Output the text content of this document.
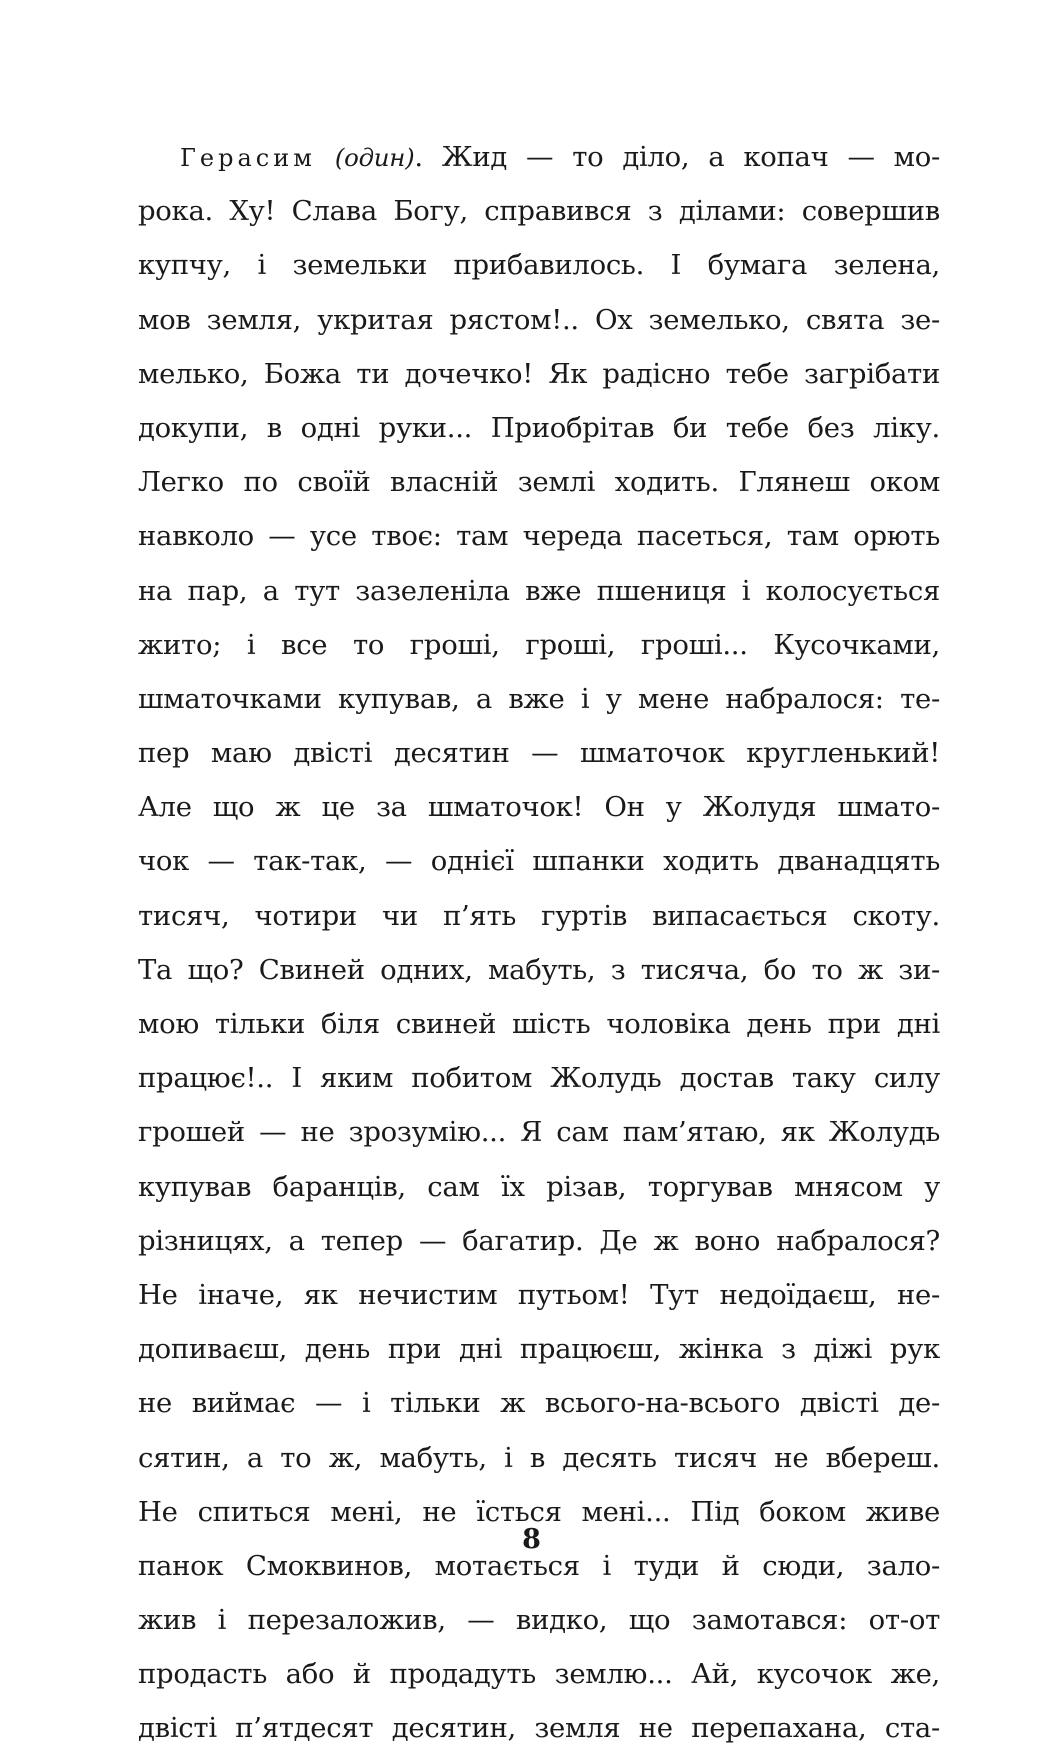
Герасим (один). Жид — то діло, а копач — мо-
рока. Ху! Слава Богу, справився з ділами: совершив
купчу, і земельки прибавилось. І бумага зелена,
мов земля, укритая рястом!.. Ох земелько, свята зе-
мелько, Божа ти дочечко! Як радісно тебе загрібати
докупи, в одні руки... Приобрітав би тебе без ліку.
Легко по своїй власній землі ходить. Глянеш оком
навколо — усе твоє: там череда пасеться, там орють
на пар, а тут зазеленіла вже пшениця і колосується
жито; і все то гроші, гроші, гроші... Кусочками,
шматочками купував, а вже і у мене набралося: те-
пер маю двісті десятин — шматочок кругленький!
Але що ж це за шматочок! Он у Жолудя шмато-
чок — так-так, — однієї шпанки ходить дванадцять
тисяч, чотири чи п’ять гуртів випасається скоту.
Та що? Свиней одних, мабуть, з тисяча, бо то ж зи-
мою тільки біля свиней шість чоловіка день при дні
працює!.. І яким побитом Жолудь достав таку силу
грошей — не зрозумію... Я сам пам’ятаю, як Жолудь
купував баранців, сам їх різав, торгував мнясом у
різницях, а тепер — багатир. Де ж воно набралося?
Не іначе, як нечистим путьом! Тут недоїдаєш, не-
допиваєш, день при дні працюєш, жінка з діжі рук
не виймає — і тільки ж всього-на-всього двісті де-
сятин, а то ж, мабуть, і в десять тисяч не вбереш.
Не спиться мені, не їсться мені... Під боком живе
панок Смоквинов, мотається і туди й сюди, зало-
жив і перезаложив, — видко, що замотався: от-от
продасть або й продадуть землю... Ай, кусочок же,
двісті п’ятдесят десятин, земля не перепахана, ста-
8
